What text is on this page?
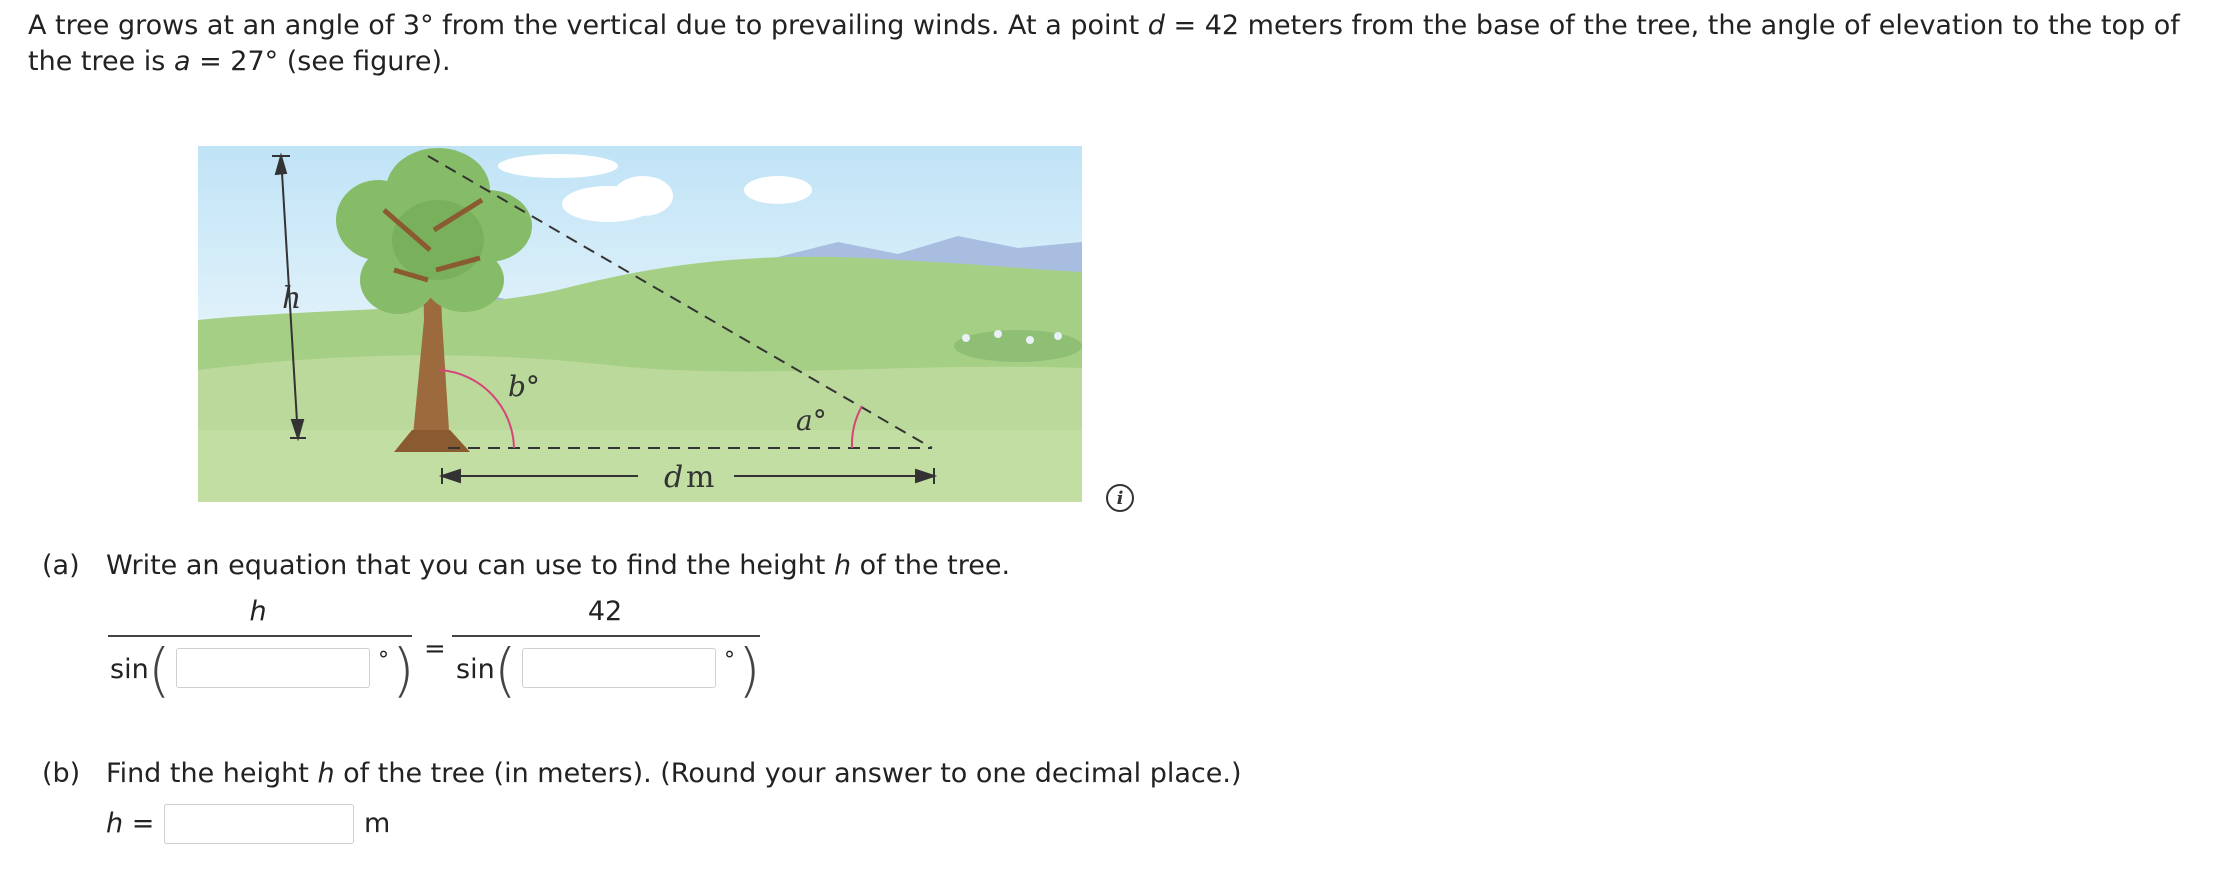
A tree grows at an angle of 3° from the vertical due to prevailing winds. At a point d = 42 meters from the base of the tree, the angle of elevation to the top of the tree is a = 27° (see figure).
h
b°
a°
d m
i
(a) Write an equation that you can use to find the height h of the tree.
h
sin (	° ) =
42
sin (	° )
(b) Find the height h of the tree (in meters). (Round your answer to one decimal place.)
h =	m
